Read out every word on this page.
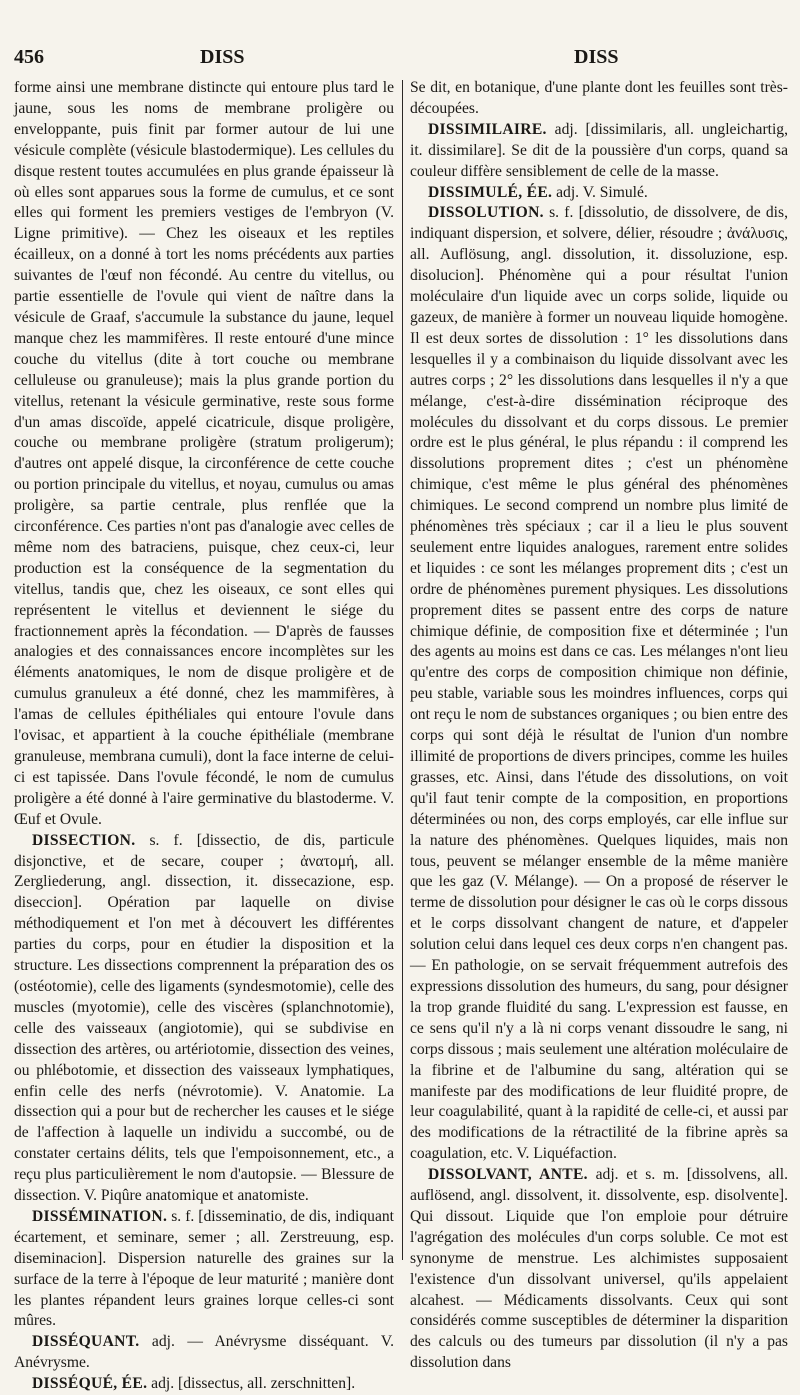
456	DISS	DISS

forme ainsi une membrane distincte qui entoure plus tard le jaune, sous les noms de membrane proligère ou enveloppante, puis finit par former autour de lui une vésicule complète (vésicule blastodermique). Les cellules du disque restent toutes accumulées en plus grande épaisseur là où elles sont apparues sous la forme de cumulus, et ce sont elles qui forment les premiers vestiges de l'embryon (V. Ligne primitive). — Chez les oiseaux et les reptiles écailleux, on a donné à tort les noms précédents aux parties suivantes de l'œuf non fécondé. Au centre du vitellus, ou partie essentielle de l'ovule qui vient de naître dans la vésicule de Graaf, s'accumule la substance du jaune, lequel manque chez les mammifères. Il reste entouré d'une mince couche du vitellus (dite à tort couche ou membrane celluleuse ou granuleuse); mais la plus grande portion du vitellus, retenant la vésicule germinative, reste sous forme d'un amas discoïde, appelé cicatricule, disque proligère, couche ou membrane proligère (stratum proligerum); d'autres ont appelé disque, la circonférence de cette couche ou portion principale du vitellus, et noyau, cumulus ou amas proligère, sa partie centrale, plus renflée que la circonférence. Ces parties n'ont pas d'analogie avec celles de même nom des batraciens, puisque, chez ceux-ci, leur production est la conséquence de la segmentation du vitellus, tandis que, chez les oiseaux, ce sont elles qui représentent le vitellus et deviennent le siége du fractionnement après la fécondation. — D'après de fausses analogies et des connaissances encore incomplètes sur les éléments anatomiques, le nom de disque proligère et de cumulus granuleux a été donné, chez les mammifères, à l'amas de cellules épithéliales qui entoure l'ovule dans l'ovisac, et appartient à la couche épithéliale (membrane granuleuse, membrana cumuli), dont la face interne de celui-ci est tapissée. Dans l'ovule fécondé, le nom de cumulus proligère a été donné à l'aire germinative du blastoderme. V. Œuf et Ovule.

DISSECTION. s. f. [dissectio, de dis, particule disjonctive, et de secare, couper ; ἀνατομή, all. Zergliederung, angl. dissection, it. dissecazione, esp. diseccion]. Opération par laquelle on divise méthodiquement et l'on met à découvert les différentes parties du corps, pour en étudier la disposition et la structure. Les dissections comprennent la préparation des os (ostéotomie), celle des ligaments (syndesmotomie), celle des muscles (myotomie), celle des viscères (splanchnotomie), celle des vaisseaux (angiotomie), qui se subdivise en dissection des artères, ou artériotomie, dissection des veines, ou phlébotomie, et dissection des vaisseaux lymphatiques, enfin celle des nerfs (névrotomie). V. Anatomie. La dissection qui a pour but de rechercher les causes et le siége de l'affection à laquelle un individu a succombé, ou de constater certains délits, tels que l'empoisonnement, etc., a reçu plus particulièrement le nom d'autopsie. — Blessure de dissection. V. Piqûre anatomique et anatomiste.

DISSÉMINATION. s. f. [disseminatio, de dis, indiquant écartement, et seminare, semer ; all. Zerstreuung, esp. diseminacion]. Dispersion naturelle des graines sur la surface de la terre à l'époque de leur maturité ; manière dont les plantes répandent leurs graines lorque celles-ci sont mûres.

DISSÉQUANT. adj. — Anévrysme disséquant. V. Anévrysme.

DISSÉQUÉ, ÉE. adj. [dissectus, all. zerschnitten].

Se dit, en botanique, d'une plante dont les feuilles sont très-découpées.

DISSIMILAIRE. adj. [dissimilaris, all. ungleichartig, it. dissimilare]. Se dit de la poussière d'un corps, quand sa couleur diffère sensiblement de celle de la masse.

DISSIMULÉ, ÉE. adj. V. Simulé.

DISSOLUTION. s. f. [dissolutio, de dissolvere, de dis, indiquant dispersion, et solvere, délier, résoudre ; ἀνάλυσις, all. Auflösung, angl. dissolution, it. dissoluzione, esp. disolucion]. Phénomène qui a pour résultat l'union moléculaire d'un liquide avec un corps solide, liquide ou gazeux, de manière à former un nouveau liquide homogène. Il est deux sortes de dissolution : 1° les dissolutions dans lesquelles il y a combinaison du liquide dissolvant avec les autres corps ; 2° les dissolutions dans lesquelles il n'y a que mélange, c'est-à-dire dissémination réciproque des molécules du dissolvant et du corps dissous. Le premier ordre est le plus général, le plus répandu : il comprend les dissolutions proprement dites ; c'est un phénomène chimique, c'est même le plus général des phénomènes chimiques. Le second comprend un nombre plus limité de phénomènes très spéciaux ; car il a lieu le plus souvent seulement entre liquides analogues, rarement entre solides et liquides : ce sont les mélanges proprement dits ; c'est un ordre de phénomènes purement physiques. Les dissolutions proprement dites se passent entre des corps de nature chimique définie, de composition fixe et déterminée ; l'un des agents au moins est dans ce cas. Les mélanges n'ont lieu qu'entre des corps de composition chimique non définie, peu stable, variable sous les moindres influences, corps qui ont reçu le nom de substances organiques ; ou bien entre des corps qui sont déjà le résultat de l'union d'un nombre illimité de proportions de divers principes, comme les huiles grasses, etc. Ainsi, dans l'étude des dissolutions, on voit qu'il faut tenir compte de la composition, en proportions déterminées ou non, des corps employés, car elle influe sur la nature des phénomènes. Quelques liquides, mais non tous, peuvent se mélanger ensemble de la même manière que les gaz (V. Mélange). — On a proposé de réserver le terme de dissolution pour désigner le cas où le corps dissous et le corps dissolvant changent de nature, et d'appeler solution celui dans lequel ces deux corps n'en changent pas. — En pathologie, on se servait fréquemment autrefois des expressions dissolution des humeurs, du sang, pour désigner la trop grande fluidité du sang. L'expression est fausse, en ce sens qu'il n'y a là ni corps venant dissoudre le sang, ni corps dissous ; mais seulement une altération moléculaire de la fibrine et de l'albumine du sang, altération qui se manifeste par des modifications de leur fluidité propre, de leur coagulabilité, quant à la rapidité de celle-ci, et aussi par des modifications de la rétractilité de la fibrine après sa coagulation, etc. V. Liquéfaction.

DISSOLVANT, ANTE. adj. et s. m. [dissolvens, all. auflösend, angl. dissolvent, it. dissolvente, esp. disolvente]. Qui dissout. Liquide que l'on emploie pour détruire l'agrégation des molécules d'un corps soluble. Ce mot est synonyme de menstrue. Les alchimistes supposaient l'existence d'un dissolvant universel, qu'ils appelaient alcahest. — Médicaments dissolvants. Ceux qui sont considérés comme susceptibles de déterminer la disparition des calculs ou des tumeurs par dissolution (il n'y a pas dissolution dans
